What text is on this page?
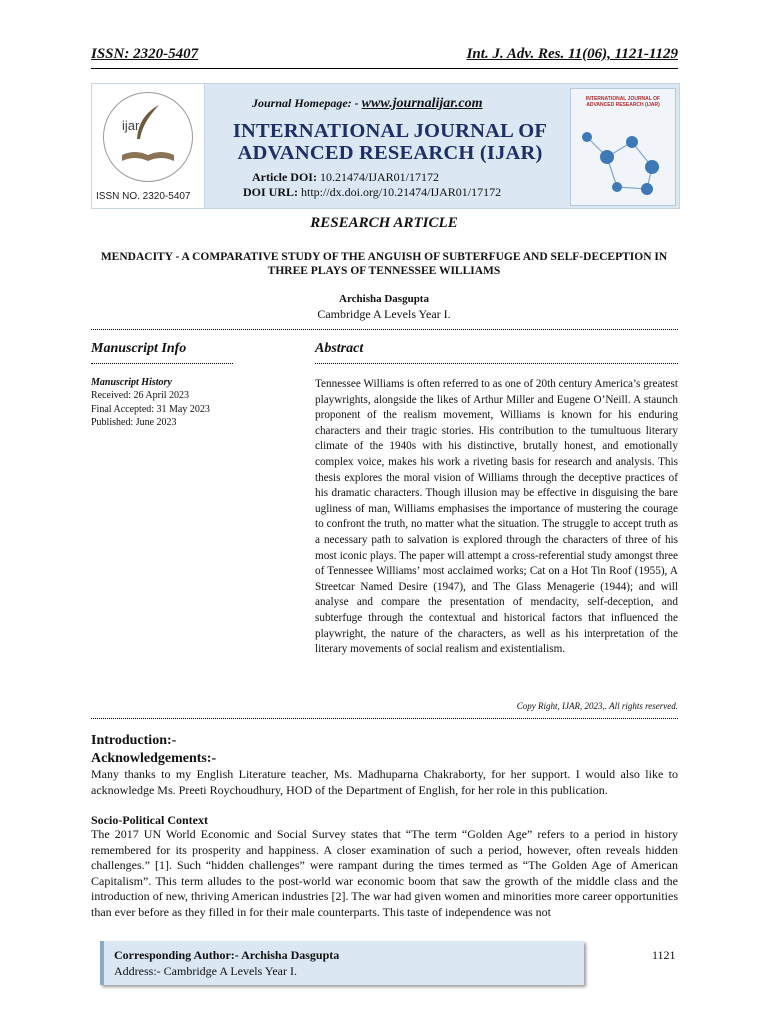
ISSN: 2320-5407	Int. J. Adv. Res. 11(06), 1121-1129
ijar
ISSN NO. 2320-5407
Journal Homepage: - www.journalijar.com
INTERNATIONAL JOURNAL OF
ADVANCED RESEARCH (IJAR)
Article DOI: 10.21474/IJAR01/17172
DOI URL: http://dx.doi.org/10.21474/IJAR01/17172
INTERNATIONAL JOURNAL OF ADVANCED RESEARCH (IJAR)
RESEARCH ARTICLE
MENDACITY - A COMPARATIVE STUDY OF THE ANGUISH OF SUBTERFUGE AND SELF-DECEPTION IN THREE PLAYS OF TENNESSEE WILLIAMS
Archisha Dasgupta
Cambridge A Levels Year I.
Manuscript Info	Abstract
Manuscript History
Received: 26 April 2023
Final Accepted: 31 May 2023
Published: June 2023
Tennessee Williams is often referred to as one of 20th century America’s greatest playwrights, alongside the likes of Arthur Miller and Eugene O’Neill. A staunch proponent of the realism movement, Williams is known for his enduring characters and their tragic stories. His contribution to the tumultuous literary climate of the 1940s with his distinctive, brutally honest, and emotionally complex voice, makes his work a riveting basis for research and analysis. This thesis explores the moral vision of Williams through the deceptive practices of his dramatic characters. Though illusion may be effective in disguising the bare ugliness of man, Williams emphasises the importance of mustering the courage to confront the truth, no matter what the situation. The struggle to accept truth as a necessary path to salvation is explored through the characters of three of his most iconic plays. The paper will attempt a cross-referential study amongst three of Tennessee Williams’ most acclaimed works; Cat on a Hot Tin Roof (1955), A Streetcar Named Desire (1947), and The Glass Menagerie (1944); and will analyse and compare the presentation of mendacity, self-deception, and subterfuge through the contextual and historical factors that influenced the playwright, the nature of the characters, as well as his interpretation of the literary movements of social realism and existentialism.
Copy Right, IJAR, 2023,. All rights reserved.
Introduction:-
Acknowledgements:-
Many thanks to my English Literature teacher, Ms. Madhuparna Chakraborty, for her support. I would also like to acknowledge Ms. Preeti Roychoudhury, HOD of the Department of English, for her role in this publication.
Socio-Political Context
The 2017 UN World Economic and Social Survey states that “The term “Golden Age” refers to a period in history remembered for its prosperity and happiness. A closer examination of such a period, however, often reveals hidden challenges.” [1]. Such “hidden challenges” were rampant during the times termed as “The Golden Age of American Capitalism”. This term alludes to the post-world war economic boom that saw the growth of the middle class and the introduction of new, thriving American industries [2]. The war had given women and minorities more career opportunities than ever before as they filled in for their male counterparts. This taste of independence was not
Corresponding Author:- Archisha Dasgupta
Address:- Cambridge A Levels Year I.
1121
